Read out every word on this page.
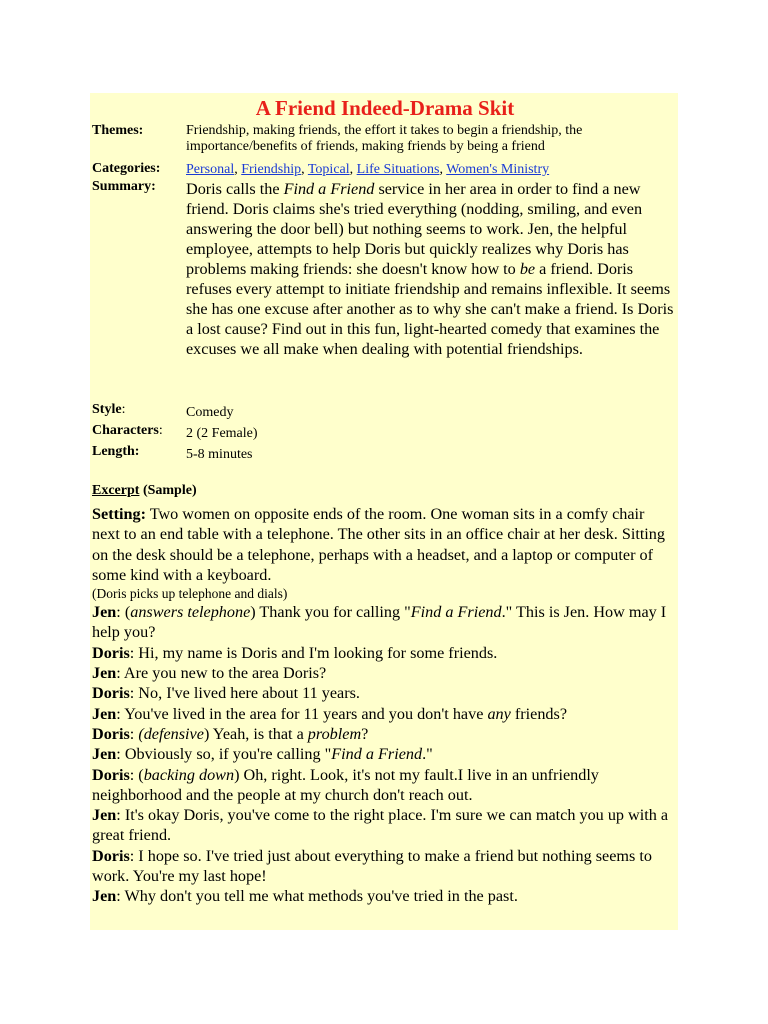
A Friend Indeed-Drama Skit
Themes:	Friendship, making friends, the effort it takes to begin a friendship, the importance/benefits of friends, making friends by being a friend
Categories: Personal, Friendship, Topical, Life Situations, Women's Ministry
Summary: Doris calls the Find a Friend service in her area in order to find a new friend. Doris claims she's tried everything (nodding, smiling, and even answering the door bell) but nothing seems to work. Jen, the helpful employee, attempts to help Doris but quickly realizes why Doris has problems making friends: she doesn't know how to be a friend. Doris refuses every attempt to initiate friendship and remains inflexible. It seems she has one excuse after another as to why she can't make a friend. Is Doris a lost cause? Find out in this fun, light-hearted comedy that examines the excuses we all make when dealing with potential friendships.
Style:	Comedy
Characters: 2 (2 Female)
Length:	5-8 minutes
Excerpt (Sample)
Setting: Two women on opposite ends of the room. One woman sits in a comfy chair next to an end table with a telephone. The other sits in an office chair at her desk. Sitting on the desk should be a telephone, perhaps with a headset, and a laptop or computer of some kind with a keyboard.
(Doris picks up telephone and dials)
Jen: (answers telephone) Thank you for calling "Find a Friend." This is Jen. How may I help you?
Doris: Hi, my name is Doris and I'm looking for some friends.
Jen: Are you new to the area Doris?
Doris: No, I've lived here about 11 years.
Jen: You've lived in the area for 11 years and you don't have any friends?
Doris: (defensive) Yeah, is that a problem?
Jen: Obviously so, if you're calling "Find a Friend."
Doris: (backing down) Oh, right. Look, it's not my fault.I live in an unfriendly neighborhood and the people at my church don't reach out.
Jen: It's okay Doris, you've come to the right place. I'm sure we can match you up with a great friend.
Doris: I hope so. I've tried just about everything to make a friend but nothing seems to work. You're my last hope!
Jen: Why don't you tell me what methods you've tried in the past.
